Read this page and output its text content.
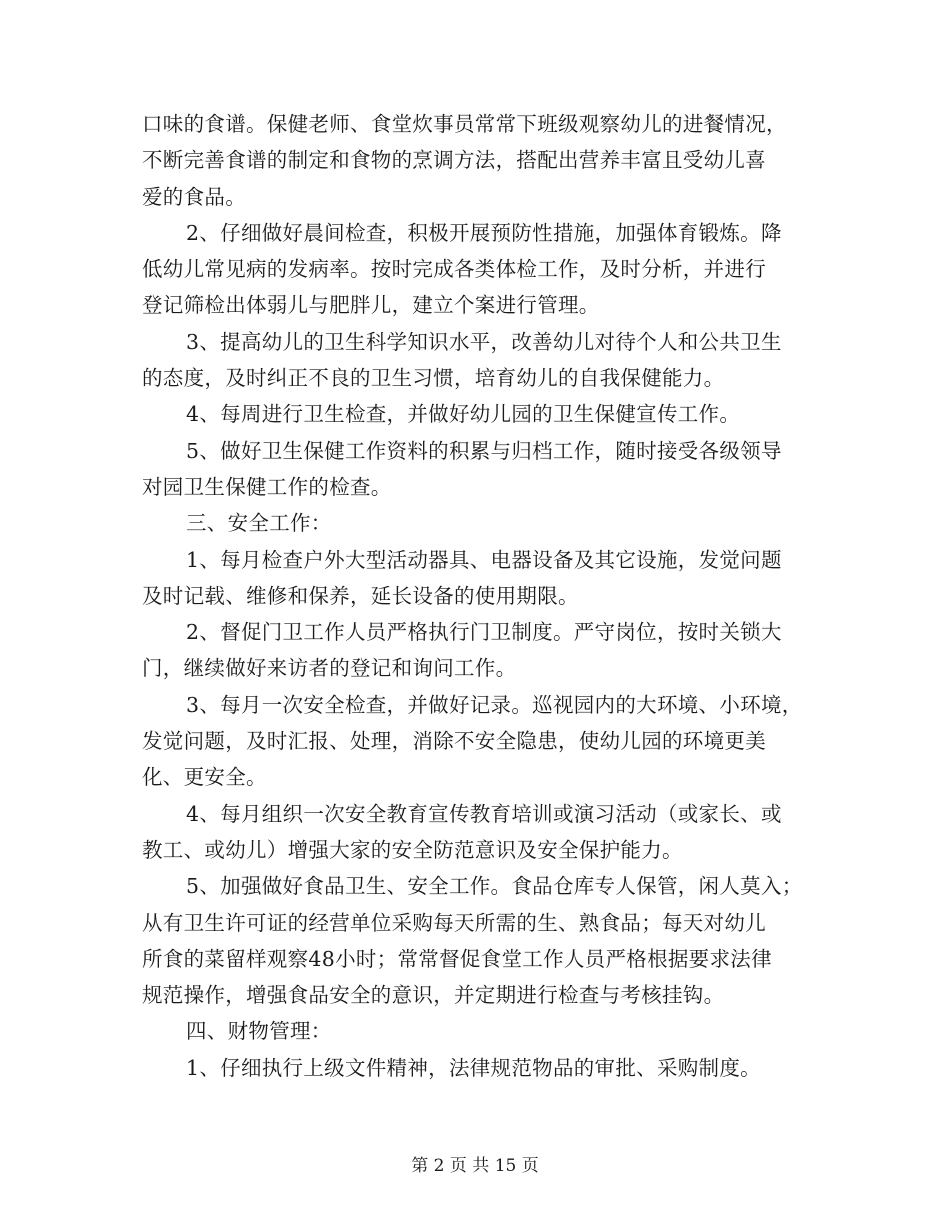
口味的食谱。保健老师、食堂炊事员常常下班级观察幼儿的进餐情况，
不断完善食谱的制定和食物的烹调方法，搭配出营养丰富且受幼儿喜
爱的食品。
2、仔细做好晨间检查，积极开展预防性措施，加强体育锻炼。降
低幼儿常见病的发病率。按时完成各类体检工作，及时分析，并进行
登记筛检出体弱儿与肥胖儿，建立个案进行管理。
3、提高幼儿的卫生科学知识水平，改善幼儿对待个人和公共卫生
的态度，及时纠正不良的卫生习惯，培育幼儿的自我保健能力。
4、每周进行卫生检查，并做好幼儿园的卫生保健宣传工作。
5、做好卫生保健工作资料的积累与归档工作，随时接受各级领导
对园卫生保健工作的检查。
三、安全工作：
1、每月检查户外大型活动器具、电器设备及其它设施，发觉问题
及时记载、维修和保养，延长设备的使用期限。
2、督促门卫工作人员严格执行门卫制度。严守岗位，按时关锁大
门，继续做好来访者的登记和询问工作。
3、每月一次安全检查，并做好记录。巡视园内的大环境、小环境，
发觉问题，及时汇报、处理，消除不安全隐患，使幼儿园的环境更美
化、更安全。
4、每月组织一次安全教育宣传教育培训或演习活动（或家长、或
教工、或幼儿）增强大家的安全防范意识及安全保护能力。
5、加强做好食品卫生、安全工作。食品仓库专人保管，闲人莫入；
从有卫生许可证的经营单位采购每天所需的生、熟食品；每天对幼儿
所食的菜留样观察48小时；常常督促食堂工作人员严格根据要求法律
规范操作，增强食品安全的意识，并定期进行检查与考核挂钩。
四、财物管理：
1、仔细执行上级文件精神，法律规范物品的审批、采购制度。
第 2 页 共 15 页
